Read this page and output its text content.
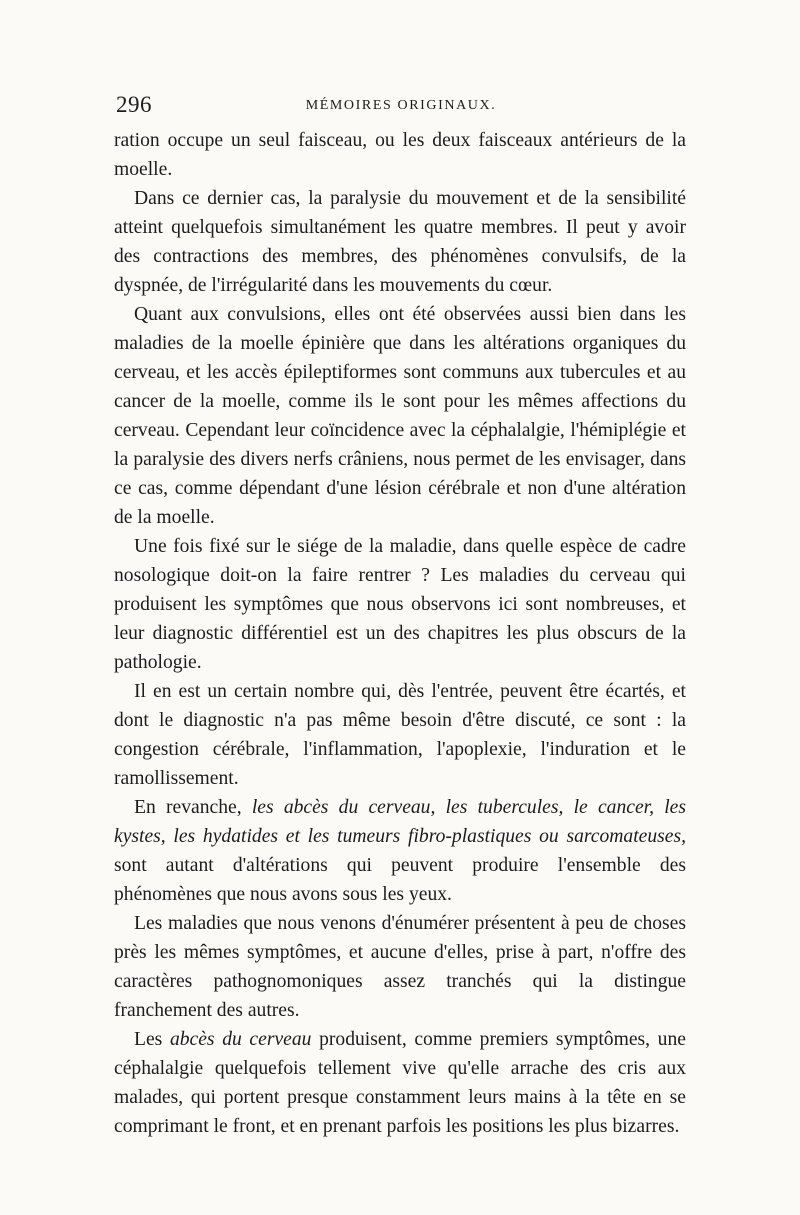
296	MÉMOIRES ORIGINAUX.

ration occupe un seul faisceau, ou les deux faisceaux antérieurs de la moelle.

Dans ce dernier cas, la paralysie du mouvement et de la sensibilité atteint quelquefois simultanément les quatre membres. Il peut y avoir des contractions des membres, des phénomènes convulsifs, de la dyspnée, de l'irrégularité dans les mouvements du cœur.

Quant aux convulsions, elles ont été observées aussi bien dans les maladies de la moelle épinière que dans les altérations organiques du cerveau, et les accès épileptiformes sont communs aux tubercules et au cancer de la moelle, comme ils le sont pour les mêmes affections du cerveau. Cependant leur coïncidence avec la céphalalgie, l'hémiplégie et la paralysie des divers nerfs crâniens, nous permet de les envisager, dans ce cas, comme dépendant d'une lésion cérébrale et non d'une altération de la moelle.

Une fois fixé sur le siége de la maladie, dans quelle espèce de cadre nosologique doit-on la faire rentrer ? Les maladies du cerveau qui produisent les symptômes que nous observons ici sont nombreuses, et leur diagnostic différentiel est un des chapitres les plus obscurs de la pathologie.

Il en est un certain nombre qui, dès l'entrée, peuvent être écartés, et dont le diagnostic n'a pas même besoin d'être discuté, ce sont : la congestion cérébrale, l'inflammation, l'apoplexie, l'induration et le ramollissement.

En revanche, les abcès du cerveau, les tubercules, le cancer, les kystes, les hydatides et les tumeurs fibro-plastiques ou sarcomateuses, sont autant d'altérations qui peuvent produire l'ensemble des phénomènes que nous avons sous les yeux.

Les maladies que nous venons d'énumérer présentent à peu de choses près les mêmes symptômes, et aucune d'elles, prise à part, n'offre des caractères pathognomoniques assez tranchés qui la distingue franchement des autres.

Les abcès du cerveau produisent, comme premiers symptômes, une céphalalgie quelquefois tellement vive qu'elle arrache des cris aux malades, qui portent presque constamment leurs mains à la tête en se comprimant le front, et en prenant parfois les positions les plus bizarres.
